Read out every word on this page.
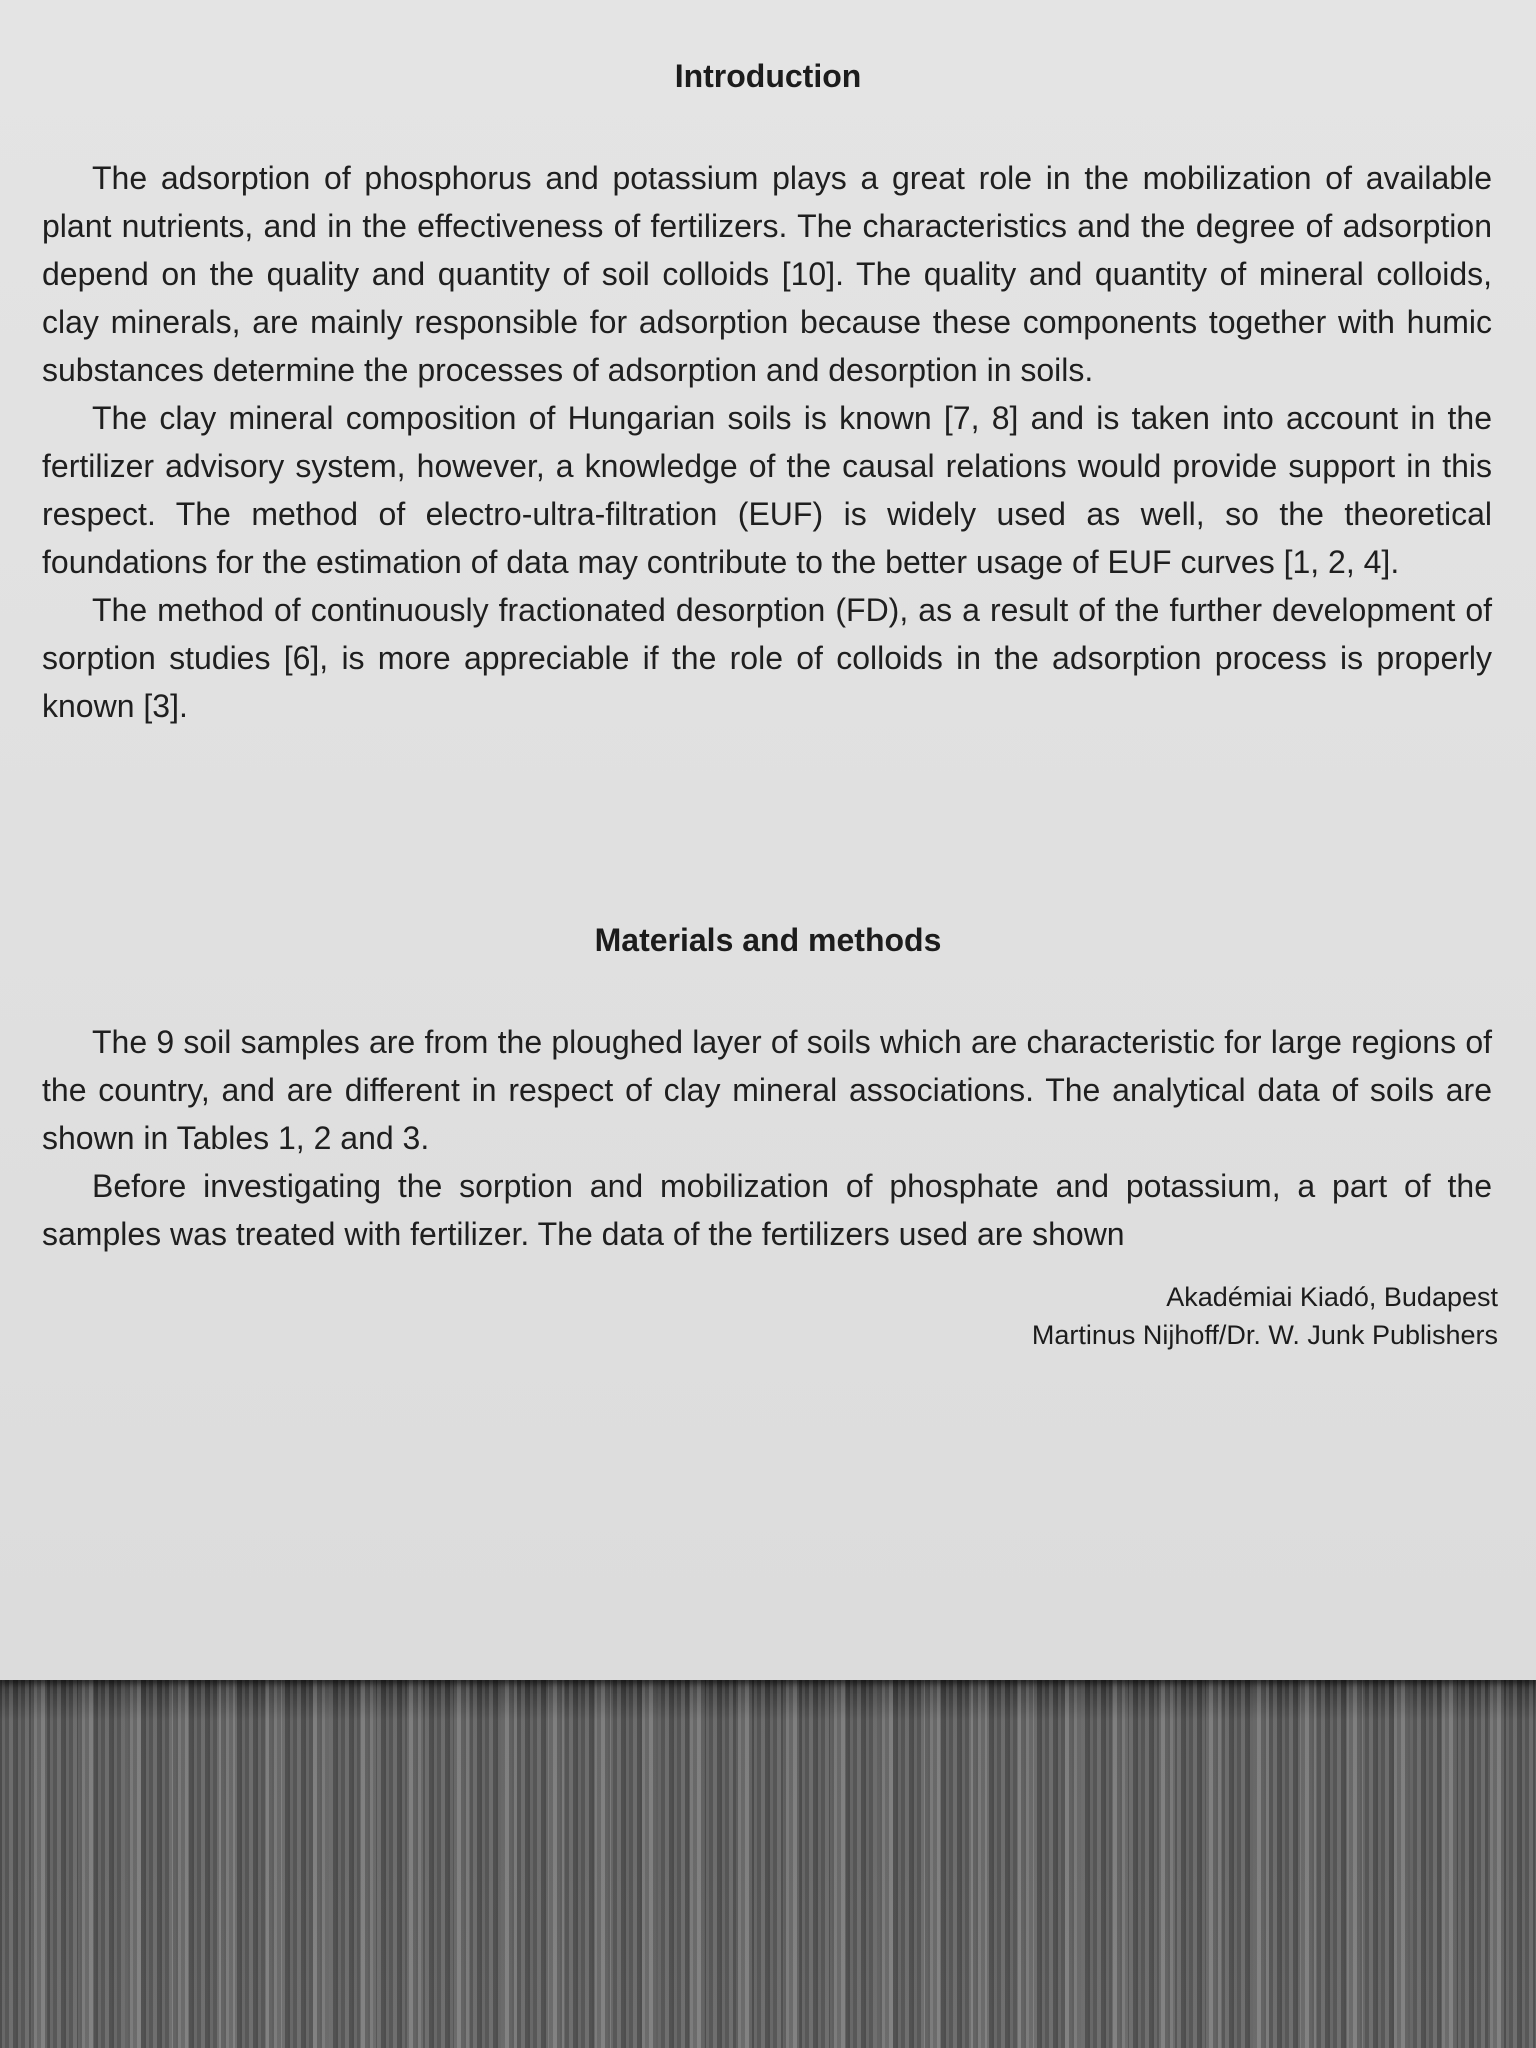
Introduction

The adsorption of phosphorus and potassium plays a great role in the mobilization of available plant nutrients, and in the effectiveness of fertilizers. The characteristics and the degree of adsorption depend on the quality and quantity of soil colloids [10]. The quality and quantity of mineral colloids, clay minerals, are mainly responsible for adsorption because these components together with humic substances determine the processes of adsorption and desorption in soils.

The clay mineral composition of Hungarian soils is known [7, 8] and is taken into account in the fertilizer advisory system, however, a knowledge of the causal relations would provide support in this respect. The method of electro-ultra-filtration (EUF) is widely used as well, so the theoretical foundations for the estimation of data may contribute to the better usage of EUF curves [1, 2, 4].

The method of continuously fractionated desorption (FD), as a result of the further development of sorption studies [6], is more appreciable if the role of colloids in the adsorption process is properly known [3].

Materials and methods

The 9 soil samples are from the ploughed layer of soils which are characteristic for large regions of the country, and are different in respect of clay mineral associations. The analytical data of soils are shown in Tables 1, 2 and 3.

Before investigating the sorption and mobilization of phosphate and potassium, a part of the samples was treated with fertilizer. The data of the fertilizers used are shown

Akadémiai Kiadó, Budapest
Martinus Nijhoff/Dr. W. Junk Publishers
